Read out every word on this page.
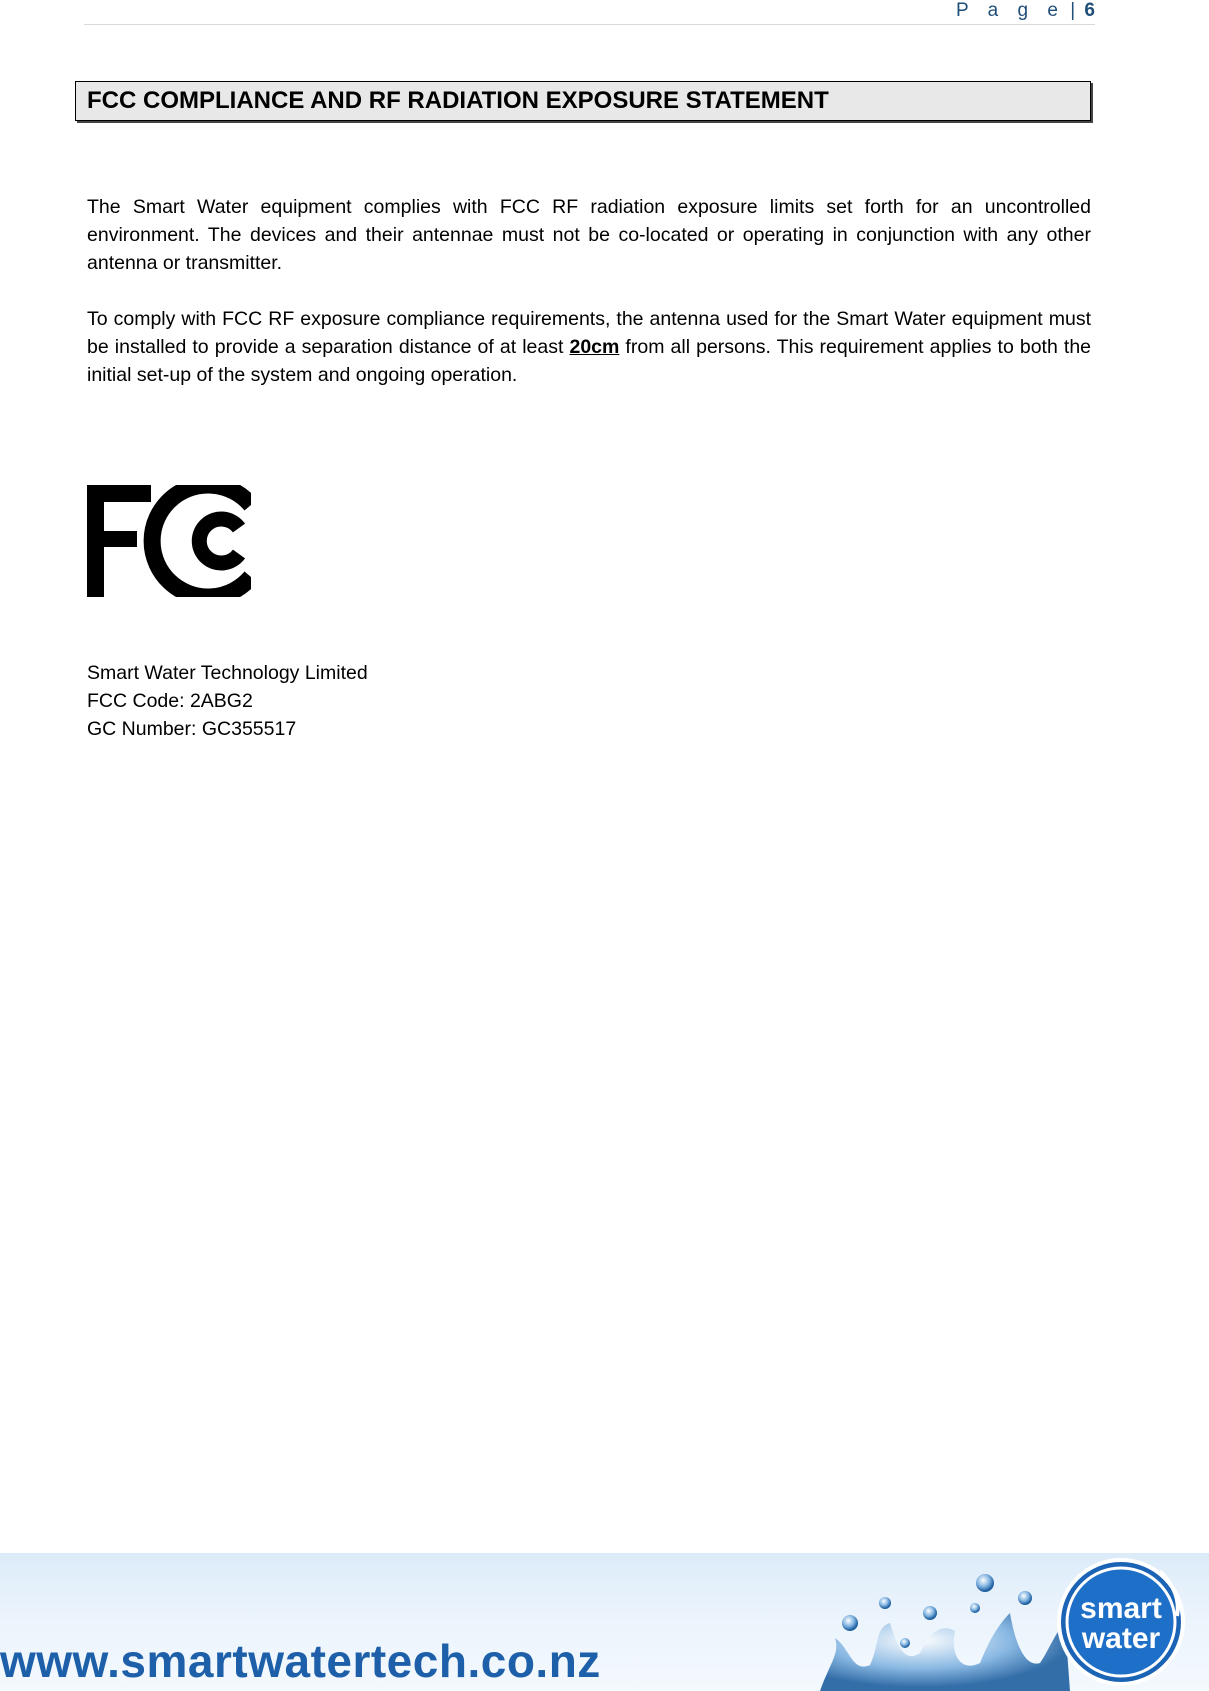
P a g e | 6
FCC COMPLIANCE AND RF RADIATION EXPOSURE STATEMENT

The Smart Water equipment complies with FCC RF radiation exposure limits set forth for an uncontrolled environment. The devices and their antennae must not be co-located or operating in conjunction with any other antenna or transmitter.

To comply with FCC RF exposure compliance requirements, the antenna used for the Smart Water equipment must be installed to provide a separation distance of at least 20cm from all persons. This requirement applies to both the initial set-up of the system and ongoing operation.

Smart Water Technology Limited
FCC Code: 2ABG2
GC Number: GC355517
www.smartwatertech.co.nz
smart
water
